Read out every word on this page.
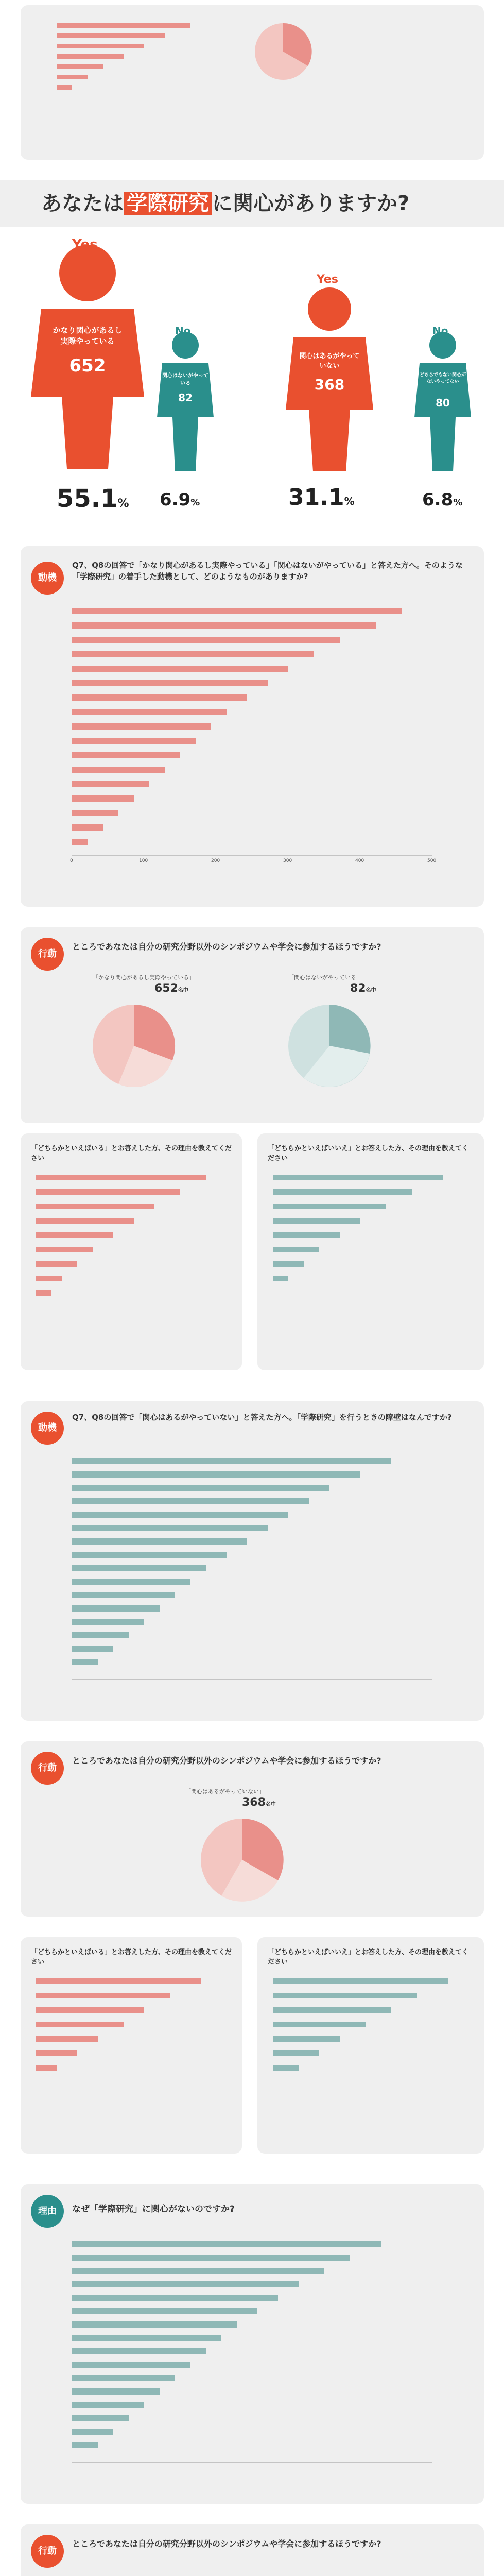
あなたは 学際研究 に関心がありますか?
Yes
かなり関心があるし実際やっている
652
55.1%
No
関心はないがやっている
82
6.9%
Yes
関心はあるがやっていない
368
31.1%
No
どちらでもない関心がないやってない
80
6.8%
動機
Q7、Q8の回答で「かなり関心があるし実際やっている」「関心はないがやっている」と答えた方へ。そのような「学際研究」の着手した動機として、どのようなものがありますか?
0	100	200	300	400	500
行動
ところであなたは自分の研究分野以外のシンポジウムや学会に参加するほうですか?
「かなり関心があるし実際やっている」
652名中
「関心はないがやっている」
82名中
「どちらかといえばいる」とお答えした方、その理由を教えてください
「どちらかといえばいいえ」とお答えした方、その理由を教えてください
動機
Q7、Q8の回答で「関心はあるがやっていない」と答えた方へ。「学際研究」を行うときの障壁はなんですか?
行動
ところであなたは自分の研究分野以外のシンポジウムや学会に参加するほうですか?
「関心はあるがやっていない」
368名中
「どちらかといえばいる」とお答えした方、その理由を教えてください
「どちらかといえばいいえ」とお答えした方、その理由を教えてください
理由	なぜ「学際研究」に関心がないのですか?
行動
ところであなたは自分の研究分野以外のシンポジウムや学会に参加するほうですか?
